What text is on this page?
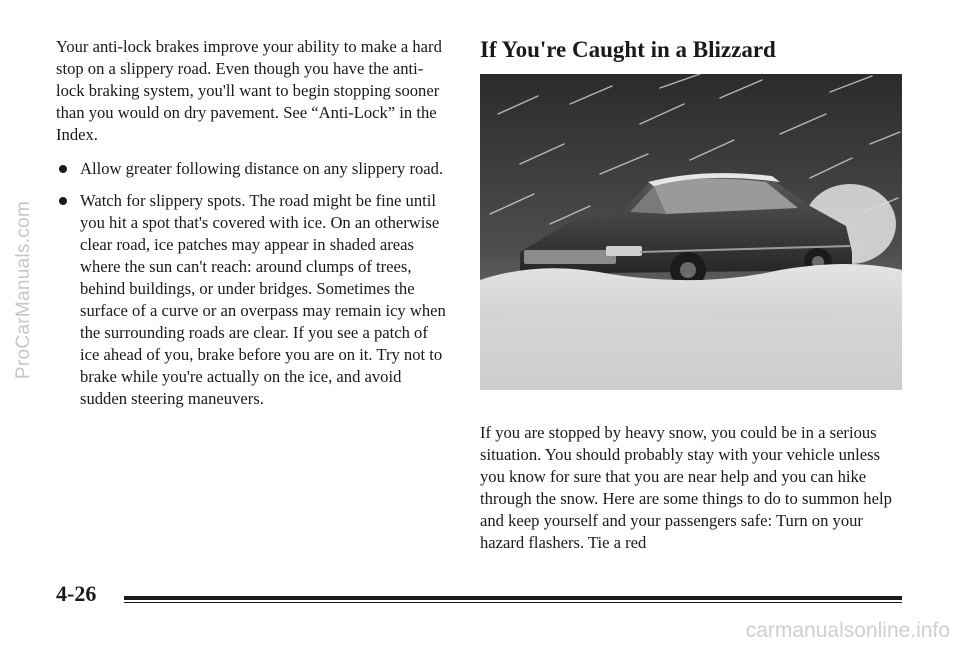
ProCarManuals.com

Your anti-lock brakes improve your ability to make a hard stop on a slippery road. Even though you have the anti-lock braking system, you'll want to begin stopping sooner than you would on dry pavement. See “Anti-Lock” in the Index.

Allow greater following distance on any slippery road.
Watch for slippery spots. The road might be fine until you hit a spot that's covered with ice. On an otherwise clear road, ice patches may appear in shaded areas where the sun can't reach: around clumps of trees, behind buildings, or under bridges. Sometimes the surface of a curve or an overpass may remain icy when the surrounding roads are clear. If you see a patch of ice ahead of you, brake before you are on it. Try not to brake while you're actually on the ice, and avoid sudden steering maneuvers.
If You're Caught in a Blizzard

If you are stopped by heavy snow, you could be in a serious situation. You should probably stay with your vehicle unless you know for sure that you are near help and you can hike through the snow. Here are some things to do to summon help and keep yourself and your passengers safe: Turn on your hazard flashers. Tie a red

4-26
carmanualsonline.info
